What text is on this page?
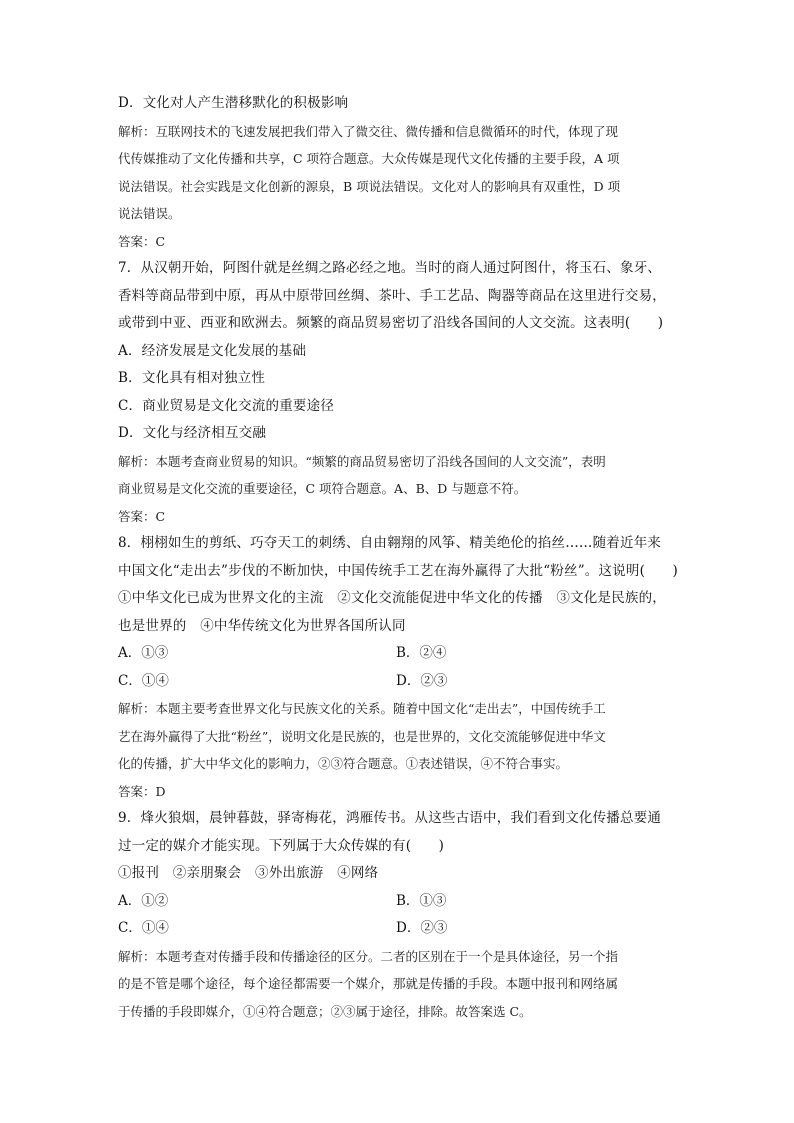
D．文化对人产生潜移默化的积极影响
解析：互联网技术的飞速发展把我们带入了微交往、微传播和信息微循环的时代，体现了现
代传媒推动了文化传播和共享，C 项符合题意。大众传媒是现代文化传播的主要手段，A 项
说法错误。社会实践是文化创新的源泉，B 项说法错误。文化对人的影响具有双重性，D 项
说法错误。
答案：C
7．从汉朝开始，阿图什就是丝绸之路必经之地。当时的商人通过阿图什，将玉石、象牙、
香料等商品带到中原，再从中原带回丝绸、茶叶、手工艺品、陶器等商品在这里进行交易，
或带到中亚、西亚和欧洲去。频繁的商品贸易密切了沿线各国间的人文交流。这表明(　　)
A．经济发展是文化发展的基础
B．文化具有相对独立性
C．商业贸易是文化交流的重要途径
D．文化与经济相互交融
解析：本题考查商业贸易的知识。“频繁的商品贸易密切了沿线各国间的人文交流”，表明
商业贸易是文化交流的重要途径，C 项符合题意。A、B、D 与题意不符。
答案：C
8．栩栩如生的剪纸、巧夺天工的刺绣、自由翱翔的风筝、精美绝伦的掐丝……随着近年来
中国文化“走出去”步伐的不断加快，中国传统手工艺在海外赢得了大批“粉丝”。这说明(　　)
①中华文化已成为世界文化的主流　②文化交流能促进中华文化的传播　③文化是民族的，
也是世界的　④中华传统文化为世界各国所认同
A．①③	B．②④
C．①④	D．②③
解析：本题主要考查世界文化与民族文化的关系。随着中国文化“走出去”，中国传统手工
艺在海外赢得了大批“粉丝”，说明文化是民族的，也是世界的，文化交流能够促进中华文
化的传播，扩大中华文化的影响力，②③符合题意。①表述错误，④不符合事实。
答案：D
9．烽火狼烟，晨钟暮鼓，驿寄梅花，鸿雁传书。从这些古语中，我们看到文化传播总要通
过一定的媒介才能实现。下列属于大众传媒的有(　　)
①报刊　②亲朋聚会　③外出旅游　④网络
A．①②	B．①③
C．①④	D．②③
解析：本题考查对传播手段和传播途径的区分。二者的区别在于一个是具体途径，另一个指
的是不管是哪个途径，每个途径都需要一个媒介，那就是传播的手段。本题中报刊和网络属
于传播的手段即媒介，①④符合题意；②③属于途径，排除。故答案选 C。
